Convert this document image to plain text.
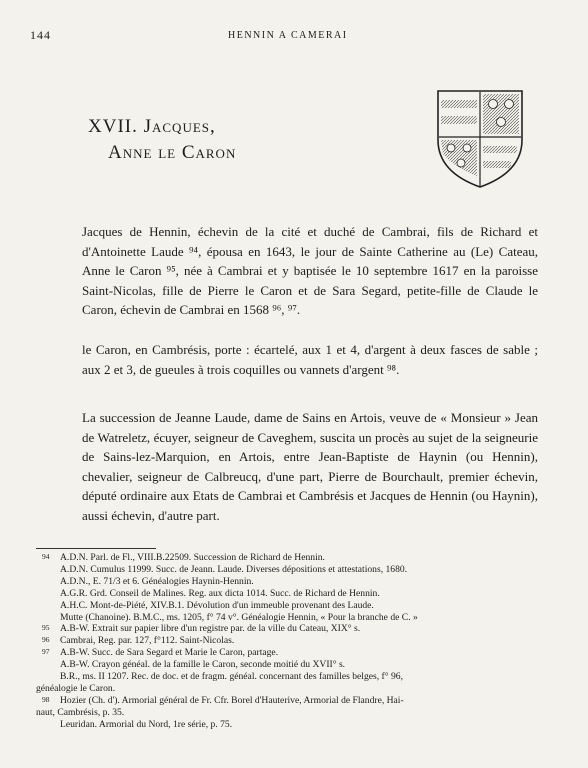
144	HENNIN A CAMERAI
XVII. Jacques,
Anne le Caron
Jacques de Hennin, échevin de la cité et duché de Cambrai, fils de Richard et d'Antoinette Laude ⁹⁴, épousa en 1643, le jour de Sainte Catherine au (Le) Cateau, Anne le Caron ⁹⁵, née à Cambrai et y baptisée le 10 septembre 1617 en la paroisse Saint-Nicolas, fille de Pierre le Caron et de Sara Segard, petite-fille de Claude le Caron, échevin de Cambrai en 1568 ⁹⁶, ⁹⁷.
le Caron, en Cambrésis, porte : écartelé, aux 1 et 4, d'argent à deux fasces de sable ; aux 2 et 3, de gueules à trois coquilles ou vannets d'argent ⁹⁸.
La succession de Jeanne Laude, dame de Sains en Artois, veuve de « Monsieur » Jean de Watreletz, écuyer, seigneur de Caveghem, suscita un procès au sujet de la seigneurie de Sains-lez-Marquion, en Artois, entre Jean-Baptiste de Haynin (ou Hennin), chevalier, seigneur de Calbreucq, d'une part, Pierre de Bourchault, premier échevin, député ordinaire aux Etats de Cambrai et Cambrésis et Jacques de Hennin (ou Haynin), aussi échevin, d'autre part.
94 A.D.N. Parl. de Fl., VIII.B.22509. Succession de Richard de Hennin.
A.D.N. Cumulus 11999. Succ. de Jeann. Laude. Diverses dépositions et attestations, 1680.
A.D.N., E. 71/3 et 6. Généalogies Haynin-Hennin.
A.G.R. Grd. Conseil de Malines. Reg. aux dicta 1014. Succ. de Richard de Hennin.
A.H.C. Mont-de-Piété, XIV.B.1. Dévolution d'un immeuble provenant des Laude.
Mutte (Chanoine). B.M.C., ms. 1205, f° 74 v°. Généalogie Hennin, « Pour la branche de C. »
95 A.B-W. Extrait sur papier libre d'un registre par. de la ville du Cateau, XIX° s.
96 Cambrai, Reg. par. 127, f°112. Saint-Nicolas.
97 A.B-W. Succ. de Sara Segard et Marie le Caron, partage.
A.B-W. Crayon généal. de la famille le Caron, seconde moitié du XVII° s.
B.R., ms. II 1207. Rec. de doc. et de fragm. généal. concernant des familles belges, f° 96,
généalogie le Caron.
98 Hozier (Ch. d'). Armorial général de Fr. Cfr. Borel d'Hauterive, Armorial de Flandre, Hai-
naut, Cambrésis, p. 35.
Leuridan. Armorial du Nord, 1re série, p. 75.
